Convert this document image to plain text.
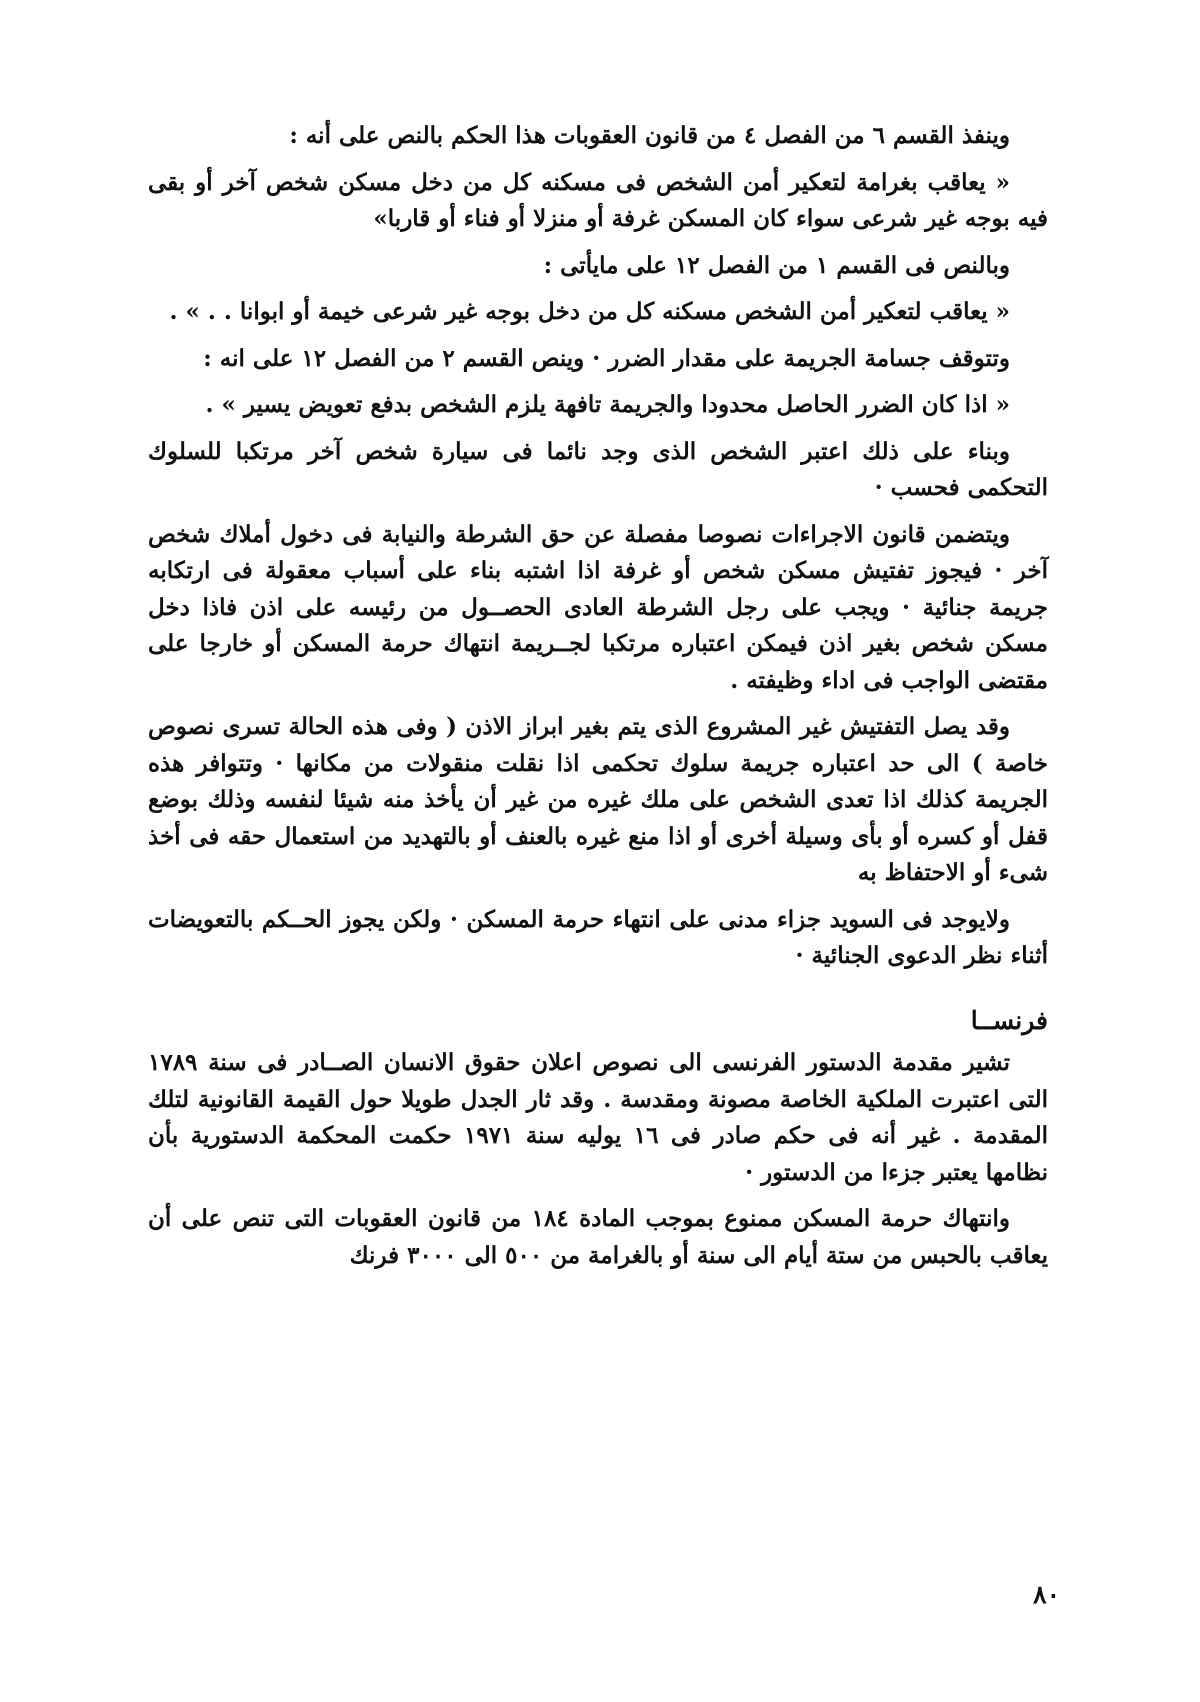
وينفذ القسم ٦ من الفصل ٤ من قانون العقوبات هذا الحكم بالنص على أنه :

« يعاقب بغرامة لتعكير أمن الشخص فى مسكنه كل من دخل مسكن شخص آخر أو بقى فيه بوجه غير شرعى سواء كان المسكن غرفة أو منزلا أو فناء أو قاربا»

وبالنص فى القسم ١ من الفصل ١٢ على مايأتى :

« يعاقب لتعكير أمن الشخص مسكنه كل من دخل بوجه غير شرعى خيمة أو ابوانا . . » .

وتتوقف جسامة الجريمة على مقدار الضرر · وينص القسم ٢ من الفصل ١٢ على انه :

« اذا كان الضرر الحاصل محدودا والجريمة تافهة يلزم الشخص بدفع تعويض يسير » .

وبناء على ذلك اعتبر الشخص الذى وجد نائما فى سيارة شخص آخر مرتكبا للسلوك التحكمى فحسب ·

ويتضمن قانون الاجراءات نصوصا مفصلة عن حق الشرطة والنيابة فى دخول أملاك شخص آخر · فيجوز تفتيش مسكن شخص أو غرفة اذا اشتبه بناء على أسباب معقولة فى ارتكابه جريمة جنائية · ويجب على رجل الشرطة العادى الحصــول من رئيسه على اذن فاذا دخل مسكن شخص بغير اذن فيمكن اعتباره مرتكبا لجــريمة انتهاك حرمة المسكن أو خارجا على مقتضى الواجب فى اداء وظيفته .

وقد يصل التفتيش غير المشروع الذى يتم بغير ابراز الاذن ( وفى هذه الحالة تسرى نصوص خاصة ) الى حد اعتباره جريمة سلوك تحكمى اذا نقلت منقولات من مكانها · وتتوافر هذه الجريمة كذلك اذا تعدى الشخص على ملك غيره من غير أن يأخذ منه شيئا لنفسه وذلك بوضع قفل أو كسره أو بأى وسيلة أخرى أو اذا منع غيره بالعنف أو بالتهديد من استعمال حقه فى أخذ شىء أو الاحتفاظ به

ولايوجد فى السويد جزاء مدنى على انتهاء حرمة المسكن · ولكن يجوز الحــكم بالتعويضات أثناء نظر الدعوى الجنائية ·

فرنســا

تشير مقدمة الدستور الفرنسى الى نصوص اعلان حقوق الانسان الصــادر فى سنة ١٧٨٩ التى اعتبرت الملكية الخاصة مصونة ومقدسة . وقد ثار الجدل طويلا حول القيمة القانونية لتلك المقدمة . غير أنه فى حكم صادر فى ١٦ يوليه سنة ١٩٧١ حكمت المحكمة الدستورية بأن نظامها يعتبر جزءا من الدستور ·

وانتهاك حرمة المسكن ممنوع بموجب المادة ١٨٤ من قانون العقوبات التى تنص على أن يعاقب بالحبس من ستة أيام الى سنة أو بالغرامة من ٥٠٠ الى ٣٠٠٠ فرنك

٨٠
